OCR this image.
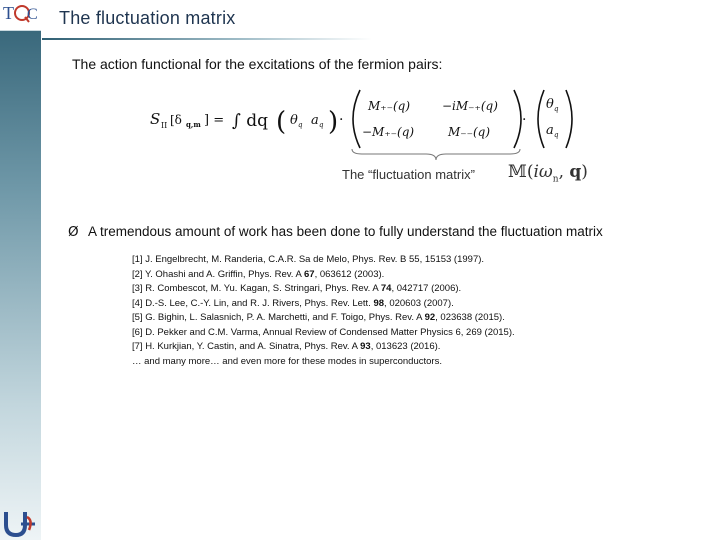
T C The fluctuation matrix
The action functional for the excitations of the fermion pairs:
S II [δ q,m ] = ∫ dq ( θ q a q ) ·
M₊₋(q)	−iM₋₊(q)
−M₊₋(q)	M₋₋(q)
·
θ q
a q
The “fluctuation matrix” $𝕄(i\omega_n$, q)
Ø A tremendous amount of work has been done to fully understand the fluctuation matrix
[1] J. Engelbrecht, M. Randeria, C.A.R. Sa de Melo, Phys. Rev. B 55, 15153 (1997).
[2] Y. Ohashi and A. Griffin, Phys. Rev. A 67, 063612 (2003).
[3] R. Combescot, M. Yu. Kagan, S. Stringari, Phys. Rev. A 74, 042717 (2006).
[4] D.-S. Lee, C.-Y. Lin, and R. J. Rivers, Phys. Rev. Lett. 98, 020603 (2007).
[5] G. Bighin, L. Salasnich, P. A. Marchetti, and F. Toigo, Phys. Rev. A 92, 023638 (2015).
[6] D. Pekker and C.M. Varma, Annual Review of Condensed Matter Physics 6, 269 (2015).
[7] H. Kurkjian, Y. Castin, and A. Sinatra, Phys. Rev. A 93, 013623 (2016).
… and many more… and even more for these modes in superconductors.
